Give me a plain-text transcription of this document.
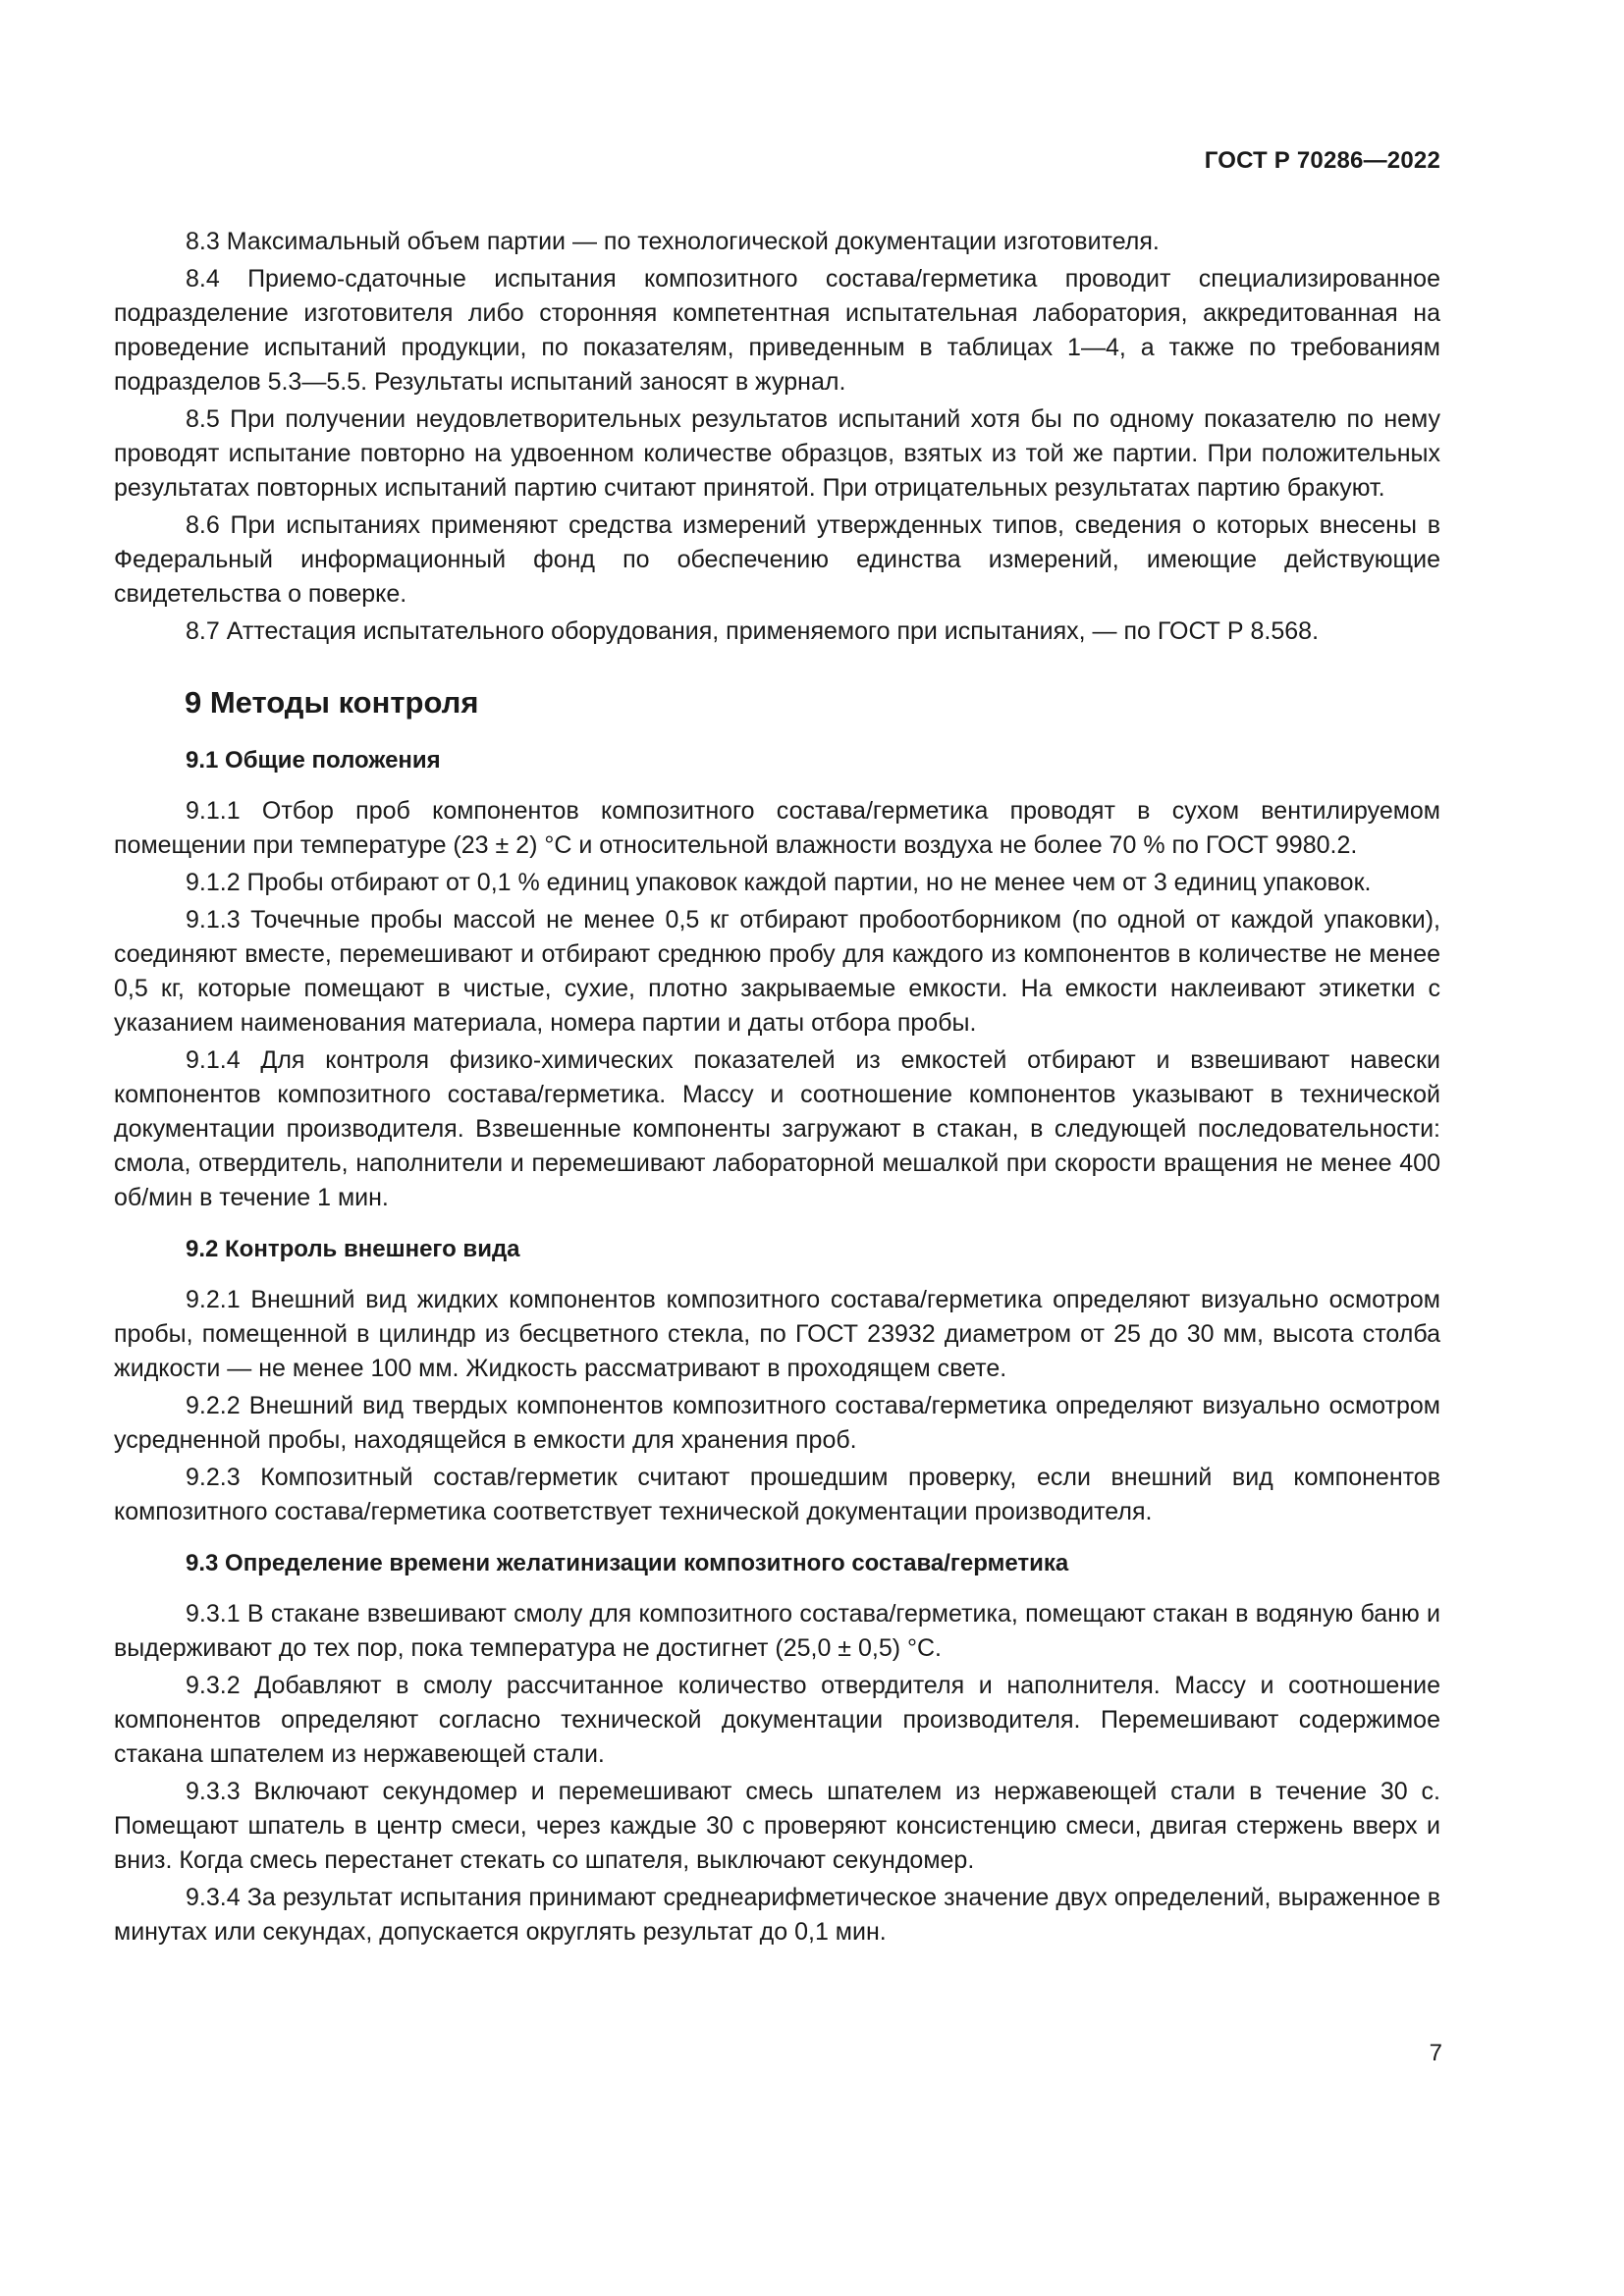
ГОСТ Р 70286—2022

8.3 Максимальный объем партии — по технологической документации изготовителя.

8.4 Приемо-сдаточные испытания композитного состава/герметика проводит специализированное подразделение изготовителя либо сторонняя компетентная испытательная лаборатория, аккредитованная на проведение испытаний продукции, по показателям, приведенным в таблицах 1—4, а также по требованиям подразделов 5.3—5.5. Результаты испытаний заносят в журнал.

8.5 При получении неудовлетворительных результатов испытаний хотя бы по одному показателю по нему проводят испытание повторно на удвоенном количестве образцов, взятых из той же партии. При положительных результатах повторных испытаний партию считают принятой. При отрицательных результатах партию бракуют.

8.6 При испытаниях применяют средства измерений утвержденных типов, сведения о которых внесены в Федеральный информационный фонд по обеспечению единства измерений, имеющие действующие свидетельства о поверке.

8.7 Аттестация испытательного оборудования, применяемого при испытаниях, — по ГОСТ Р 8.568.

9 Методы контроля
9.1 Общие положения

9.1.1 Отбор проб компонентов композитного состава/герметика проводят в сухом вентилируемом помещении при температуре (23 ± 2) °С и относительной влажности воздуха не более 70 % по ГОСТ 9980.2.

9.1.2 Пробы отбирают от 0,1 % единиц упаковок каждой партии, но не менее чем от 3 единиц упаковок.

9.1.3 Точечные пробы массой не менее 0,5 кг отбирают пробоотборником (по одной от каждой упаковки), соединяют вместе, перемешивают и отбирают среднюю пробу для каждого из компонентов в количестве не менее 0,5 кг, которые помещают в чистые, сухие, плотно закрываемые емкости. На емкости наклеивают этикетки с указанием наименования материала, номера партии и даты отбора пробы.

9.1.4 Для контроля физико-химических показателей из емкостей отбирают и взвешивают навески компонентов композитного состава/герметика. Массу и соотношение компонентов указывают в технической документации производителя. Взвешенные компоненты загружают в стакан, в следующей последовательности: смола, отвердитель, наполнители и перемешивают лабораторной мешалкой при скорости вращения не менее 400 об/мин в течение 1 мин.

9.2 Контроль внешнего вида

9.2.1 Внешний вид жидких компонентов композитного состава/герметика определяют визуально осмотром пробы, помещенной в цилиндр из бесцветного стекла, по ГОСТ 23932 диаметром от 25 до 30 мм, высота столба жидкости — не менее 100 мм. Жидкость рассматривают в проходящем свете.

9.2.2 Внешний вид твердых компонентов композитного состава/герметика определяют визуально осмотром усредненной пробы, находящейся в емкости для хранения проб.

9.2.3 Композитный состав/герметик считают прошедшим проверку, если внешний вид компонентов композитного состава/герметика соответствует технической документации производителя.

9.3 Определение времени желатинизации композитного состава/герметика

9.3.1 В стакане взвешивают смолу для композитного состава/герметика, помещают стакан в водяную баню и выдерживают до тех пор, пока температура не достигнет (25,0 ± 0,5) °С.

9.3.2 Добавляют в смолу рассчитанное количество отвердителя и наполнителя. Массу и соотношение компонентов определяют согласно технической документации производителя. Перемешивают содержимое стакана шпателем из нержавеющей стали.

9.3.3 Включают секундомер и перемешивают смесь шпателем из нержавеющей стали в течение 30 с. Помещают шпатель в центр смеси, через каждые 30 с проверяют консистенцию смеси, двигая стержень вверх и вниз. Когда смесь перестанет стекать со шпателя, выключают секундомер.

9.3.4 За результат испытания принимают среднеарифметическое значение двух определений, выраженное в минутах или секундах, допускается округлять результат до 0,1 мин.

7
